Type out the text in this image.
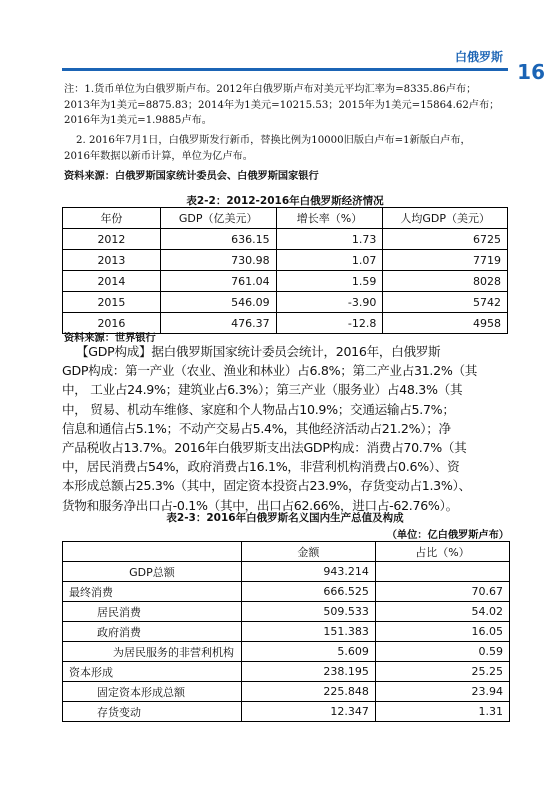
白俄罗斯
16

注：1.货币单位为白俄罗斯卢布。2012年白俄罗斯卢布对美元平均汇率为=8335.86卢布；

2013年为1美元=8875.83；2014年为1美元=10215.53；2015年为1美元=15864.62卢布；

2016年为1美元=1.9885卢布。

2. 2016年7月1日，白俄罗斯发行新币，替换比例为10000旧版白卢布=1新版白卢布，

2016年数据以新币计算，单位为亿卢布。

资料来源：白俄罗斯国家统计委员会、白俄罗斯国家银行

表2-2：2012-2016年白俄罗斯经济情况
年份	GDP（亿美元）	增长率（%）	人均GDP（美元）
2012	636.15	1.73	6725
2013	730.98	1.07	7719
2014	761.04	1.59	8028
2015	546.09	-3.90	5742
2016	476.37	-12.8	4958
资料来源：世界银行

【GDP构成】据白俄罗斯国家统计委员会统计，2016年，白俄罗斯

GDP构成：第一产业（农业、渔业和林业）占6.8%；第二产业占31.2%（其

中， 工业占24.9%；建筑业占6.3%）；第三产业（服务业）占48.3%（其

中， 贸易、机动车维修、家庭和个人物品占10.9%；交通运输占5.7%；

信息和通信占5.1%；不动产交易占5.4%，其他经济活动占21.2%）；净

产品税收占13.7%。2016年白俄罗斯支出法GDP构成：消费占70.7%（其

中，居民消费占54%，政府消费占16.1%，非营利机构消费占0.6%）、资

本形成总额占25.3%（其中，固定资本投资占23.9%，存货变动占1.3%）、

货物和服务净出口占-0.1%（其中，出口占62.66%，进口占-62.76%）。

表2-3：2016年白俄罗斯名义国内生产总值及构成
（单位：亿白俄罗斯卢布）
	金额	占比（%）
GDP总额	943.214	
最终消费	666.525	70.67
居民消费	509.533	54.02
政府消费	151.383	16.05
为居民服务的非营利机构	5.609	0.59
资本形成	238.195	25.25
固定资本形成总额	225.848	23.94
存货变动	12.347	1.31
